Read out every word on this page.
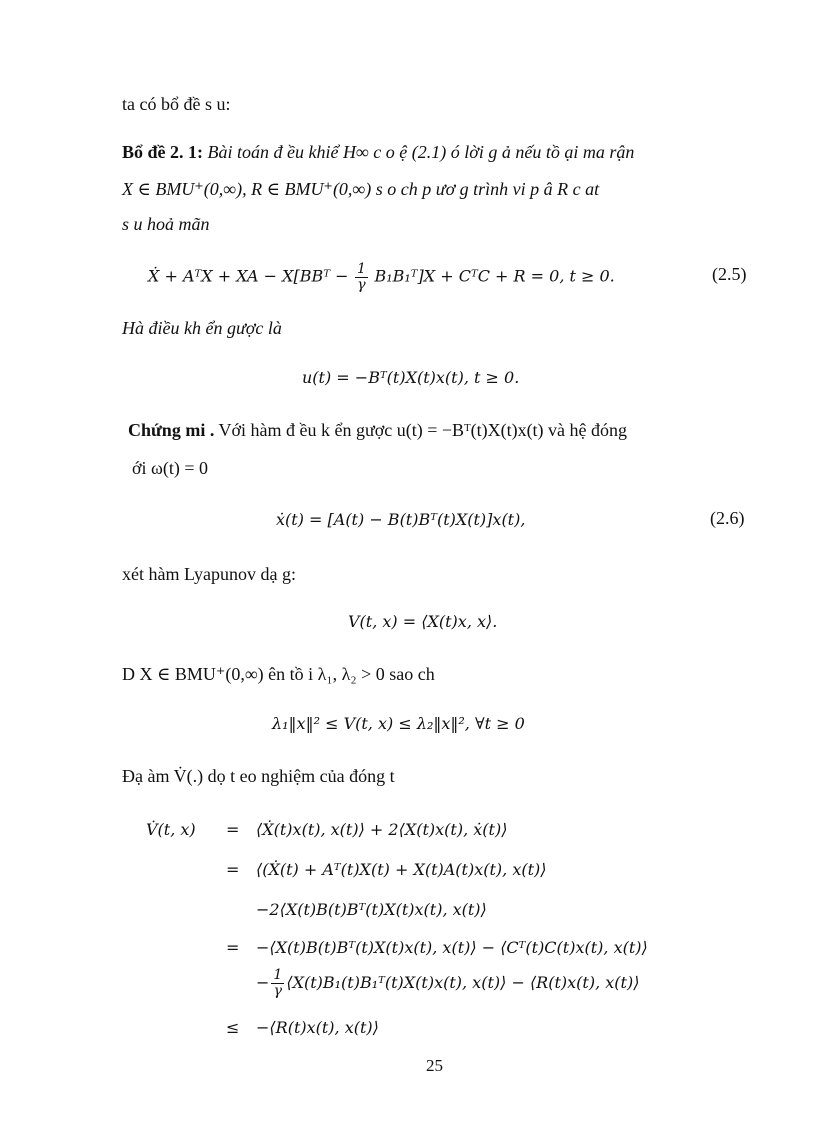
ta có bổ đề s u:
Bổ đề 2. 1: Bài toán đ ều khiể H∞ c o ệ (2.1) ó lời g ả nếu tồ ại ma rận
X ∈ BMU⁺(0,∞), R ∈ BMU⁺(0,∞) s o ch p ươ g trình vi p â R c at
s u hoả mãn
Ẋ + AᵀX + XA − X[BBᵀ − $\frac{1}{\gamma}$ B₁B₁ᵀ]X + CᵀC + R = 0, t ≥ 0.	(2.5)
Hà điều kh ển gược là
u(t) = −Bᵀ(t)X(t)x(t), t ≥ 0.
Chứng mi . Với hàm đ ều k ển gược u(t) = −Bᵀ(t)X(t)x(t) và hệ đóng
ới ω(t) = 0
ẋ(t) = [A(t) − B(t)Bᵀ(t)X(t)]x(t),	(2.6)
xét hàm Lyapunov dạ g:
V(t, x) = ⟨X(t)x, x⟩.
D X ∈ BMU⁺(0,∞) ên tồ i λ₁, λ₂ > 0 sao ch
λ₁‖x‖² ≤ V(t, x) ≤ λ₂‖x‖², ∀t ≥ 0
Đạ àm V̇(.) dọ t eo nghiệm của đóng t
V̇(t, x) = ⟨Ẋ(t)x(t), x(t)⟩ + 2⟨X(t)x(t), ẋ(t)⟩
= ⟨(Ẋ(t) + Aᵀ(t)X(t) + X(t)A(t)x(t), x(t)⟩
−2⟨X(t)B(t)Bᵀ(t)X(t)x(t), x(t)⟩
= −⟨X(t)B(t)Bᵀ(t)X(t)x(t), x(t)⟩ − ⟨Cᵀ(t)C(t)x(t), x(t)⟩
− $\frac{1}{\gamma}$ ⟨X(t)B₁(t)B₁ᵀ(t)X(t)x(t), x(t)⟩ − ⟨R(t)x(t), x(t)⟩
≤ −⟨R(t)x(t), x(t)⟩
25
